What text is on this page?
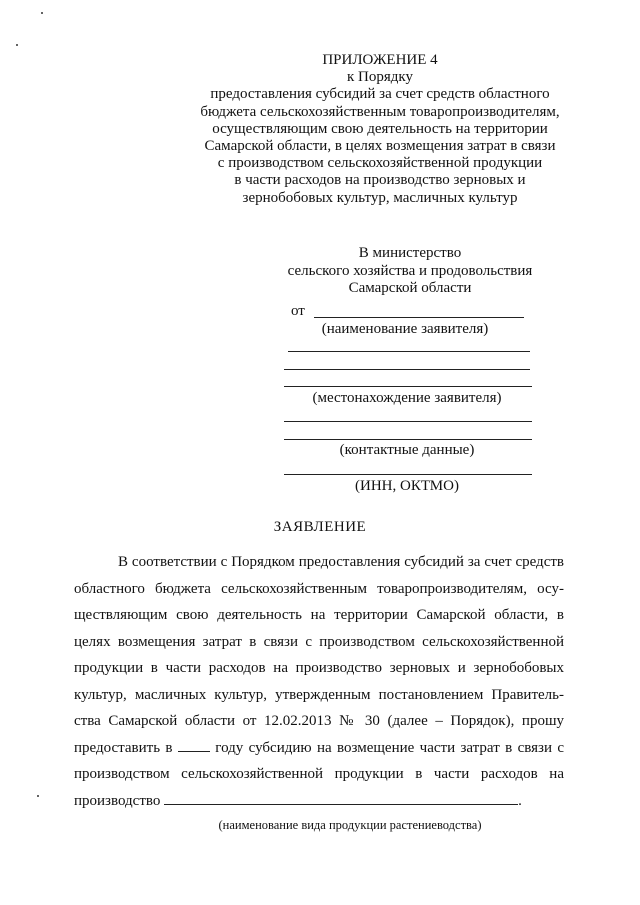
ПРИЛОЖЕНИЕ 4
к Порядку
предоставления субсидий за счет средств областного
бюджета сельскохозяйственным товаропроизводителям,
осуществляющим свою деятельность на территории
Самарской области, в целях возмещения затрат в связи
с производством сельскохозяйственной продукции
в части расходов на производство зерновых и
зернобобовых культур, масличных культур
В министерство
сельского хозяйства и продовольствия
Самарской области
от
(наименование заявителя)
(местонахождение заявителя)
(контактные данные)
(ИНН, ОКТМО)
ЗАЯВЛЕНИЕ
В соответствии с Порядком предоставления субсидий за счет средств
областного бюджета сельскохозяйственным товаропроизводителям, осу-
ществляющим свою деятельность на территории Самарской области, в
целях возмещения затрат в связи с производством сельскохозяйственной
продукции в части расходов на производство зерновых и зернобобовых
культур, масличных культур, утвержденным постановлением Правитель-
ства Самарской области от 12.02.2013 № 30 (далее – Порядок), прошу
предоставить в	году субсидию на возмещение части затрат в связи с
производством сельскохозяйственной продукции в части расходов на
производство	.
(наименование вида продукции растениеводства)
